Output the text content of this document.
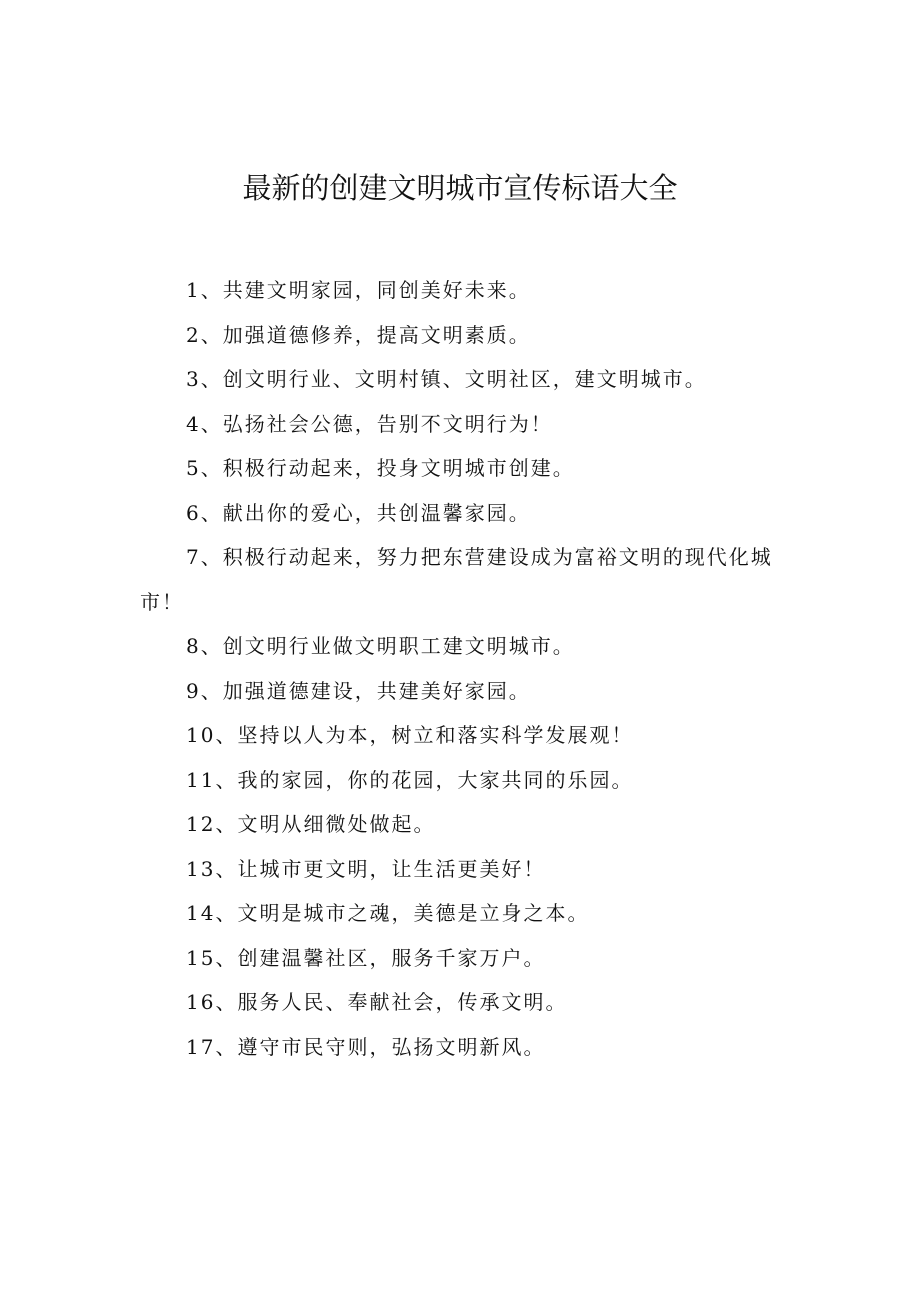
最新的创建文明城市宣传标语大全
1、共建文明家园，同创美好未来。
2、加强道德修养，提高文明素质。
3、创文明行业、文明村镇、文明社区，建文明城市。
4、弘扬社会公德，告别不文明行为！
5、积极行动起来，投身文明城市创建。
6、献出你的爱心，共创温馨家园。
7、积极行动起来，努力把东营建设成为富裕文明的现代化城市！
8、创文明行业做文明职工建文明城市。
9、加强道德建设，共建美好家园。
10、坚持以人为本，树立和落实科学发展观！
11、我的家园，你的花园，大家共同的乐园。
12、文明从细微处做起。
13、让城市更文明，让生活更美好！
14、文明是城市之魂，美德是立身之本。
15、创建温馨社区，服务千家万户。
16、服务人民、奉献社会，传承文明。
17、遵守市民守则，弘扬文明新风。
